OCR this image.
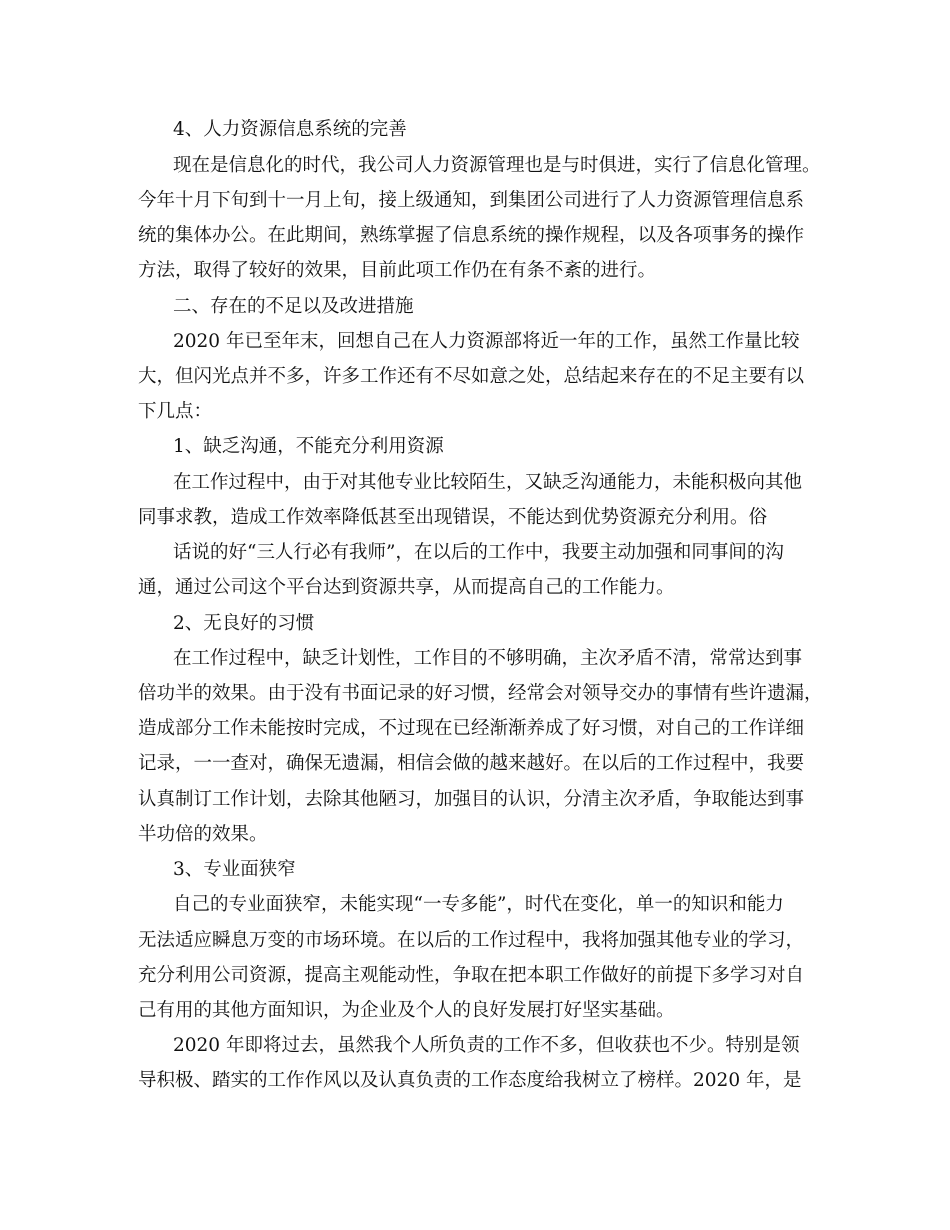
4、人力资源信息系统的完善
现在是信息化的时代，我公司人力资源管理也是与时俱进，实行了信息化管理。
今年十月下旬到十一月上旬，接上级通知，到集团公司进行了人力资源管理信息系
统的集体办公。在此期间，熟练掌握了信息系统的操作规程，以及各项事务的操作
方法，取得了较好的效果，目前此项工作仍在有条不紊的进行。
二、存在的不足以及改进措施
2020 年已至年末，回想自己在人力资源部将近一年的工作，虽然工作量比较
大，但闪光点并不多，许多工作还有不尽如意之处，总结起来存在的不足主要有以
下几点：
1、缺乏沟通，不能充分利用资源
在工作过程中，由于对其他专业比较陌生，又缺乏沟通能力，未能积极向其他
同事求教，造成工作效率降低甚至出现错误，不能达到优势资源充分利用。俗
话说的好“三人行必有我师”，在以后的工作中，我要主动加强和同事间的沟
通，通过公司这个平台达到资源共享，从而提高自己的工作能力。
2、无良好的习惯
在工作过程中，缺乏计划性，工作目的不够明确，主次矛盾不清，常常达到事
倍功半的效果。由于没有书面记录的好习惯，经常会对领导交办的事情有些许遗漏，
造成部分工作未能按时完成，不过现在已经渐渐养成了好习惯，对自己的工作详细
记录，一一查对，确保无遗漏，相信会做的越来越好。在以后的工作过程中，我要
认真制订工作计划，去除其他陋习，加强目的认识，分清主次矛盾，争取能达到事
半功倍的效果。
3、专业面狭窄
自己的专业面狭窄，未能实现“一专多能”，时代在变化，单一的知识和能力
无法适应瞬息万变的市场环境。在以后的工作过程中，我将加强其他专业的学习，
充分利用公司资源，提高主观能动性，争取在把本职工作做好的前提下多学习对自
己有用的其他方面知识，为企业及个人的良好发展打好坚实基础。
2020 年即将过去，虽然我个人所负责的工作不多，但收获也不少。特别是领
导积极、踏实的工作作风以及认真负责的工作态度给我树立了榜样。2020 年，是
